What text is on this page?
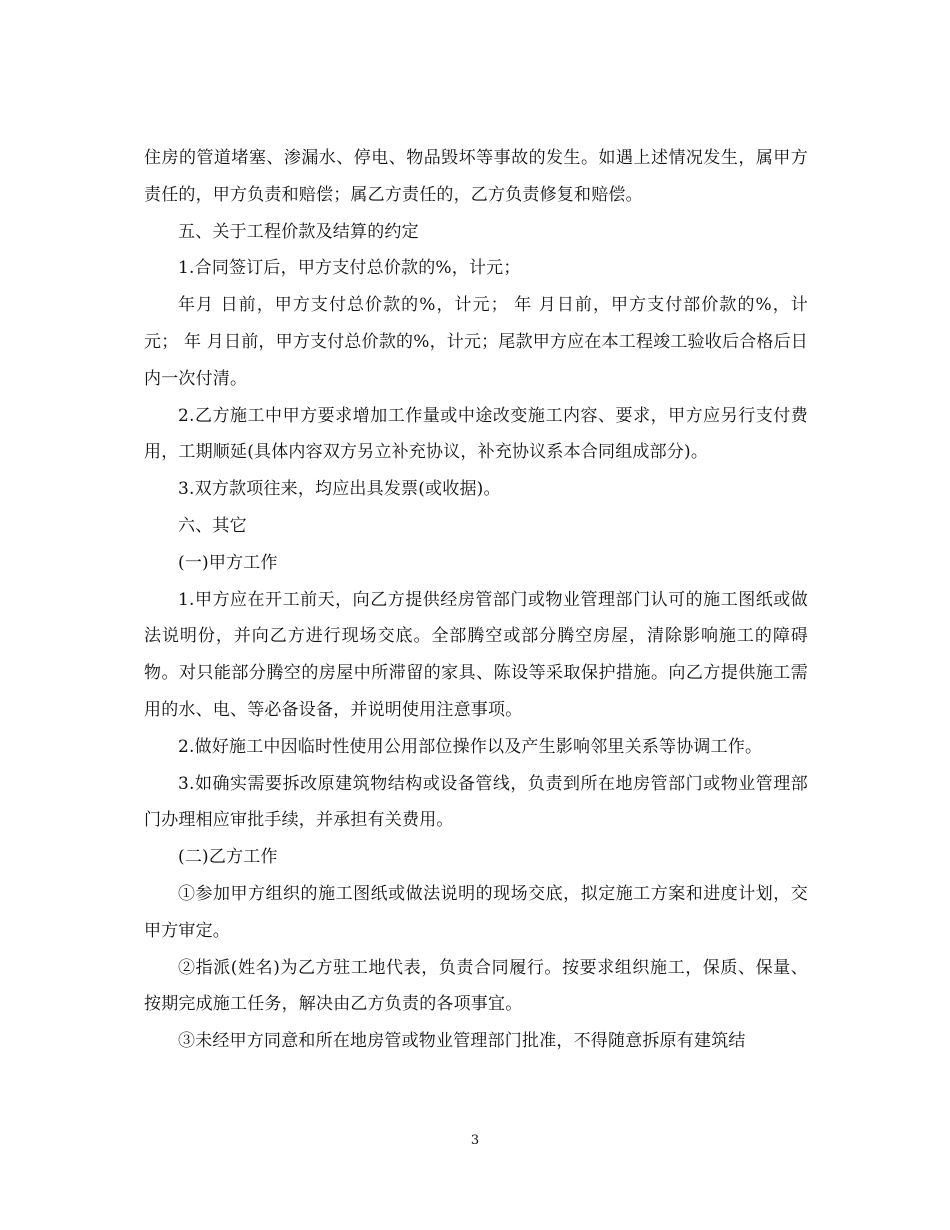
住房的管道堵塞、渗漏水、停电、物品毁坏等事故的发生。如遇上述情况发生，属甲方责任的，甲方负责和赔偿；属乙方责任的，乙方负责修复和赔偿。

五、关于工程价款及结算的约定

1.合同签订后，甲方支付总价款的%，计元；

年月 日前，甲方支付总价款的%，计元； 年 月日前，甲方支付部价款的%，计元； 年 月日前，甲方支付总价款的%，计元；尾款甲方应在本工程竣工验收后合格后日内一次付清。

2.乙方施工中甲方要求增加工作量或中途改变施工内容、要求，甲方应另行支付费用，工期顺延(具体内容双方另立补充协议，补充协议系本合同组成部分)。

3.双方款项往来，均应出具发票(或收据)。

六、其它

(一)甲方工作

1.甲方应在开工前天，向乙方提供经房管部门或物业管理部门认可的施工图纸或做法说明份，并向乙方进行现场交底。全部腾空或部分腾空房屋，清除影响施工的障碍物。对只能部分腾空的房屋中所滞留的家具、陈设等采取保护措施。向乙方提供施工需用的水、电、等必备设备，并说明使用注意事项。

2.做好施工中因临时性使用公用部位操作以及产生影响邻里关系等协调工作。

3.如确实需要拆改原建筑物结构或设备管线，负责到所在地房管部门或物业管理部门办理相应审批手续，并承担有关费用。

(二)乙方工作

①参加甲方组织的施工图纸或做法说明的现场交底，拟定施工方案和进度计划，交甲方审定。

②指派(姓名)为乙方驻工地代表，负责合同履行。按要求组织施工，保质、保量、按期完成施工任务，解决由乙方负责的各项事宜。

③未经甲方同意和所在地房管或物业管理部门批准，不得随意拆原有建筑结

3
